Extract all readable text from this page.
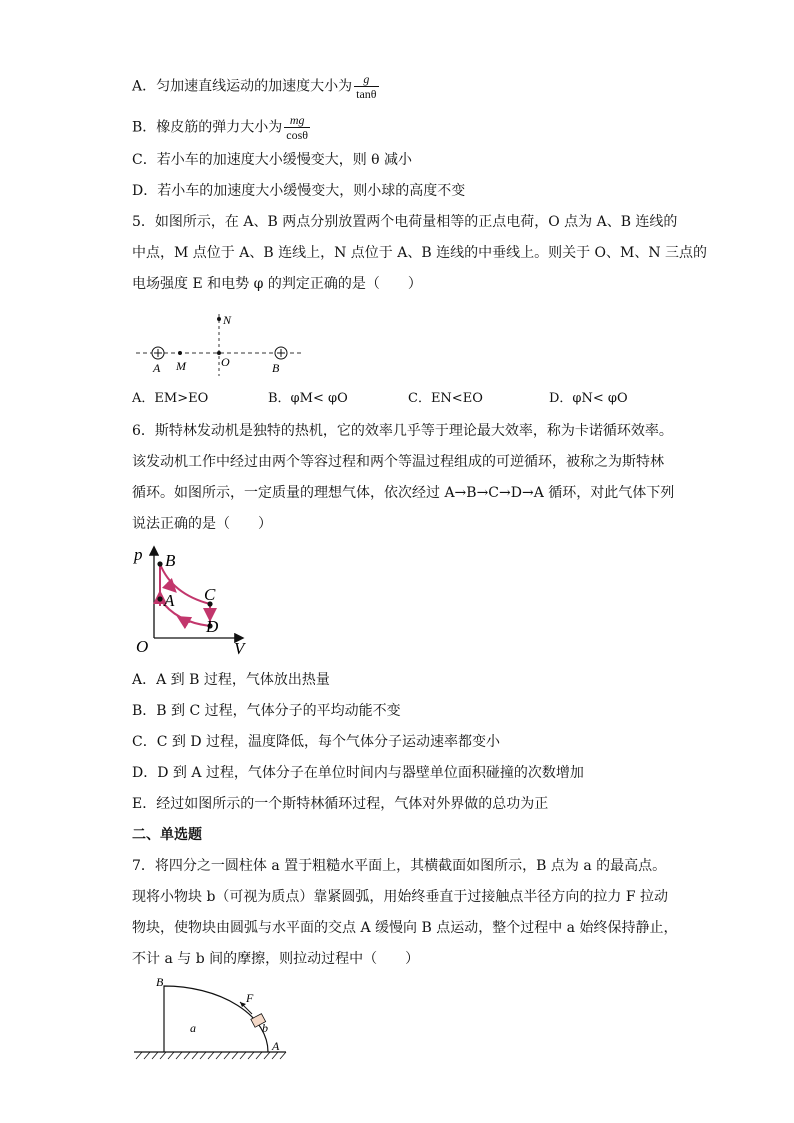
A．匀加速直线运动的加速度大小为 $\frac{g}{\tan\theta}$
B．橡皮筋的弹力大小为 $\frac{mg}{\cos\theta}$
C．若小车的加速度大小缓慢变大，则 θ 减小
D．若小车的加速度大小缓慢变大，则小球的高度不变
5．如图所示，在 A、B 两点分别放置两个电荷量相等的正点电荷，O 点为 A、B 连线的
中点，M 点位于 A、B 连线上，N 点位于 A、B 连线的中垂线上。则关于 O、M、N 三点的
电场强度 E 和电势 φ 的判定正确的是（　　）
A M	O	B
N
A．EM>EO	B．φM< φO	C．EN<EO	D．φN< φO
6．斯特林发动机是独特的热机，它的效率几乎等于理论最大效率，称为卡诺循环效率。
该发动机工作中经过由两个等容过程和两个等温过程组成的可逆循环，被称之为斯特林
循环。如图所示，一定质量的理想气体，依次经过 A→B→C→D→A 循环，对此气体下列
说法正确的是（　　）
p
V
O
B
A C
D
A．A 到 B 过程，气体放出热量
B．B 到 C 过程，气体分子的平均动能不变
C．C 到 D 过程，温度降低，每个气体分子运动速率都变小
D．D 到 A 过程，气体分子在单位时间内与器壁单位面积碰撞的次数增加
E．经过如图所示的一个斯特林循环过程，气体对外界做的总功为正
二、单选题
7．将四分之一圆柱体 a 置于粗糙水平面上，其横截面如图所示，B 点为 a 的最高点。
现将小物块 b（可视为质点）靠紧圆弧，用始终垂直于过接触点半径方向的拉力 F 拉动
物块，使物块由圆弧与水平面的交点 A 缓慢向 B 点运动，整个过程中 a 始终保持静止，
不计 a 与 b 间的摩擦，则拉动过程中（　　）
B
a
F
b
A
